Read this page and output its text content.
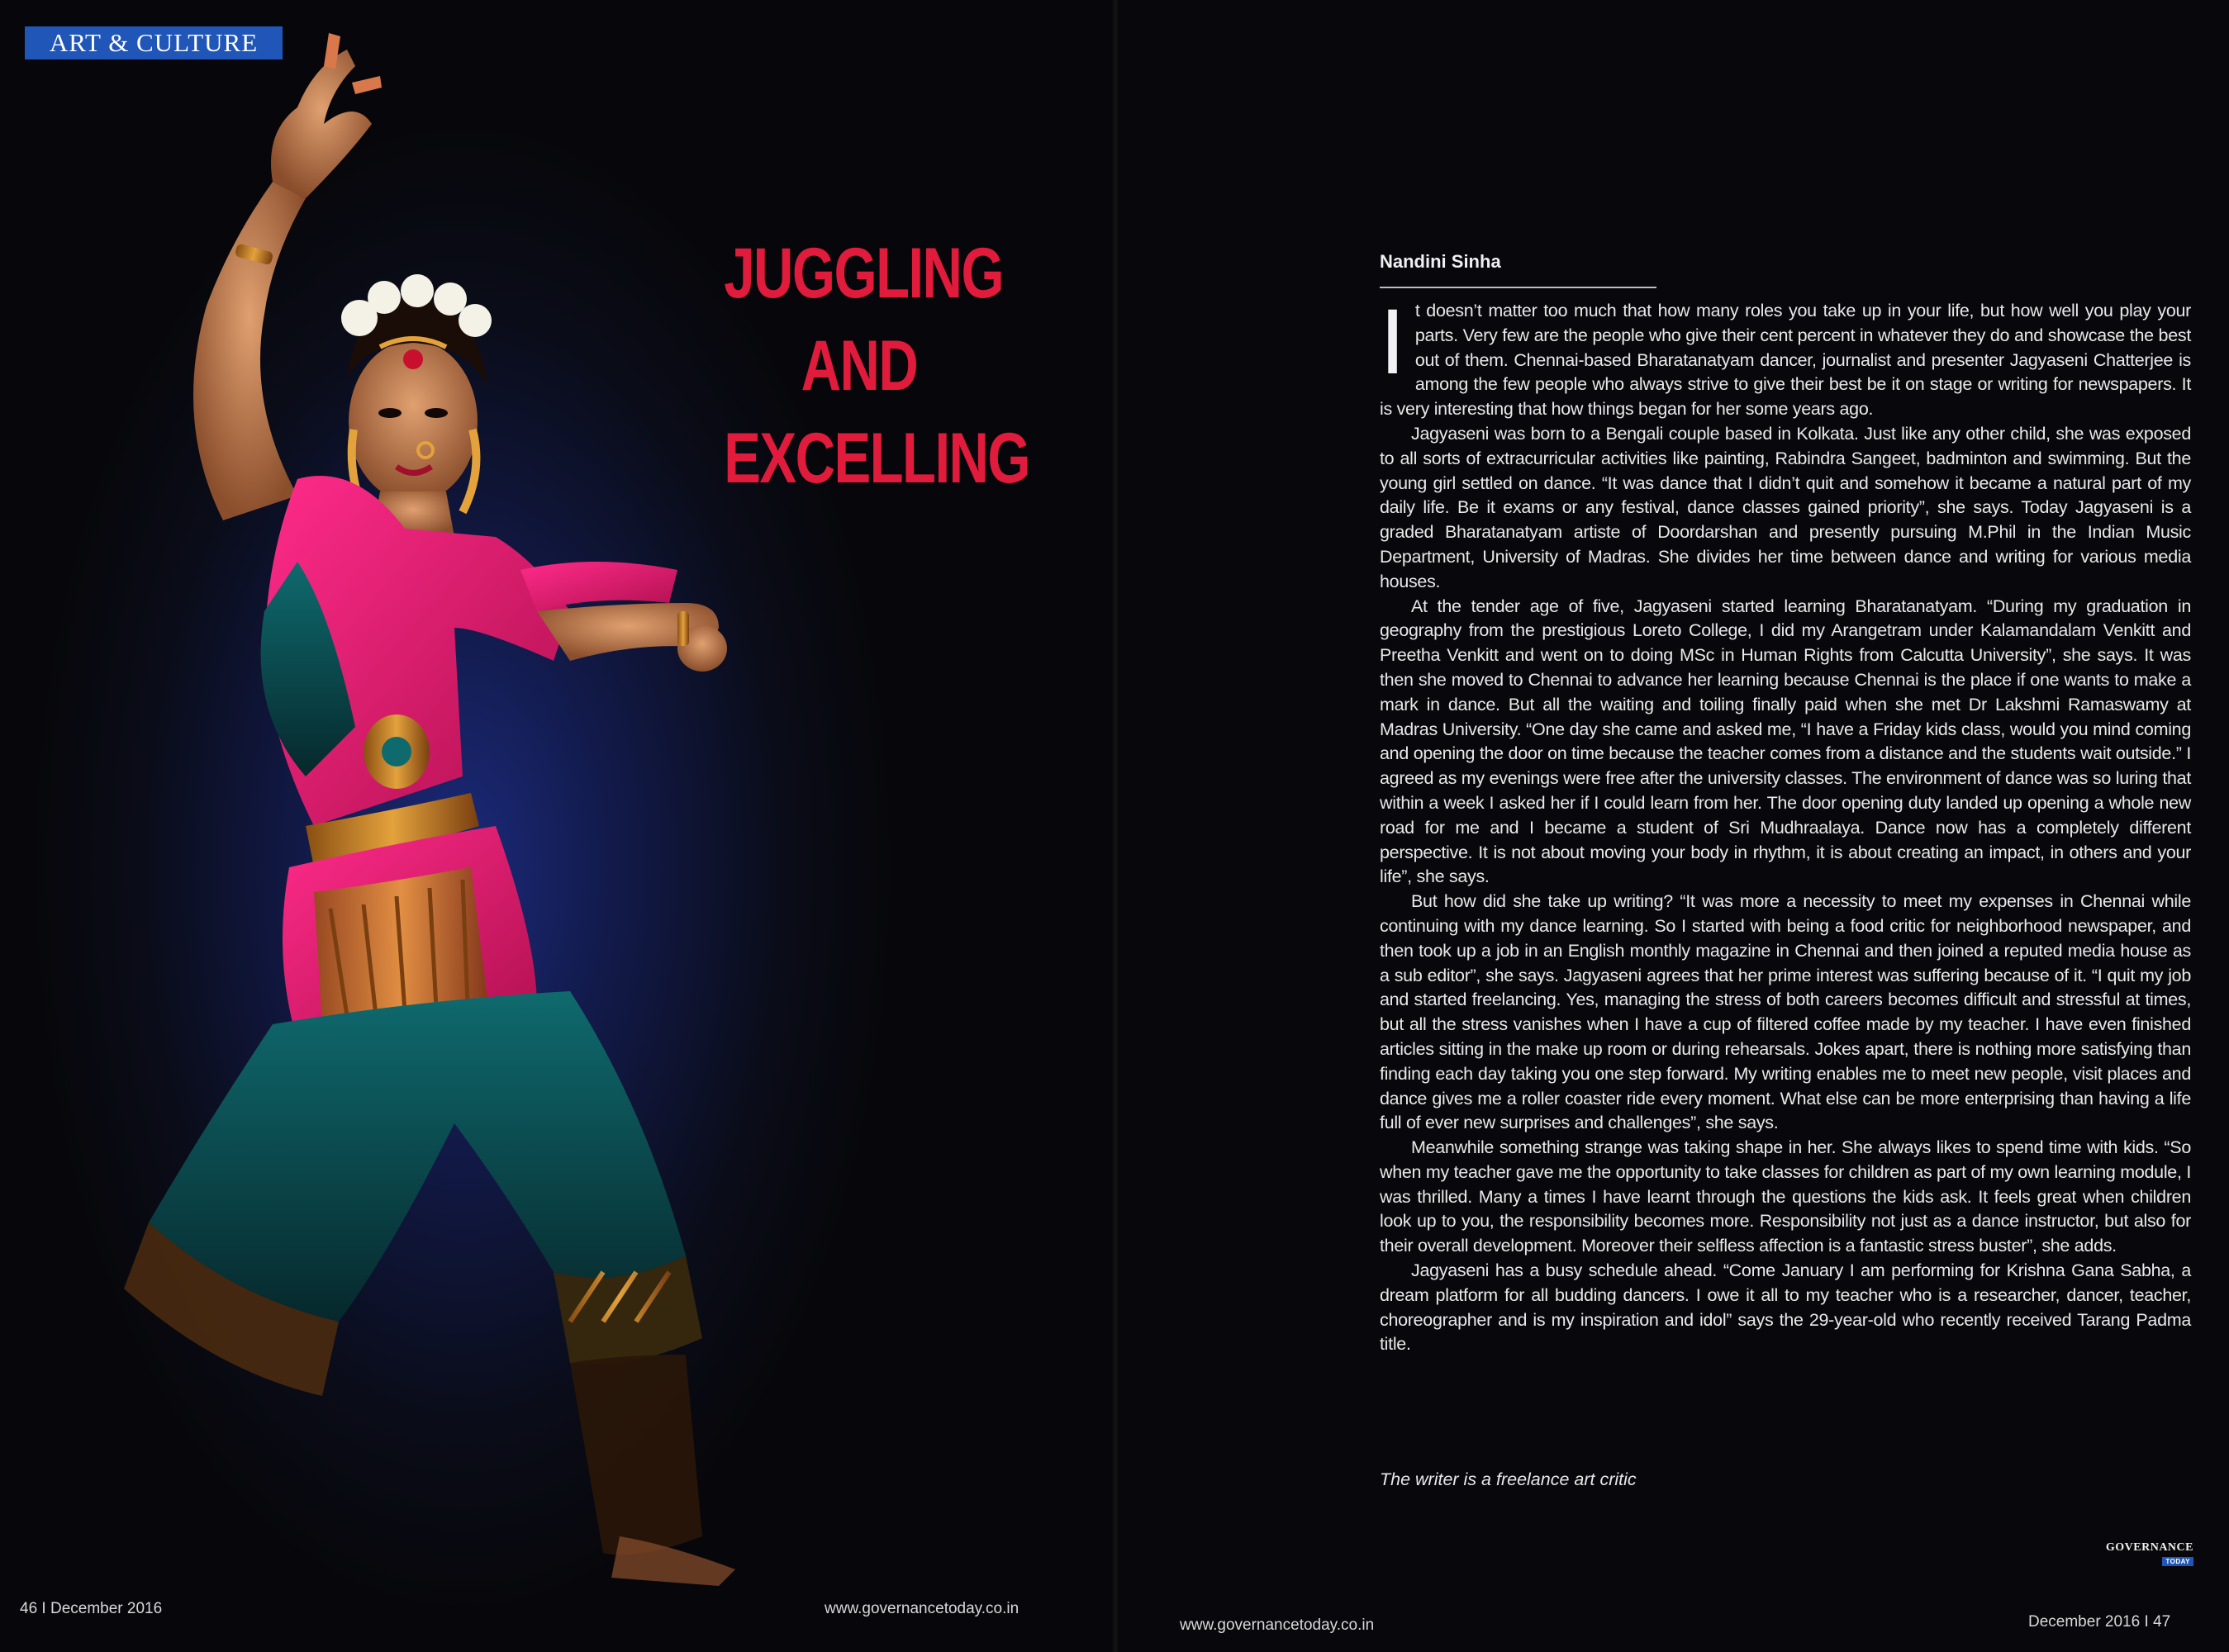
ART & CULTURE
JUGGLING
AND
EXCELLING
46 I December 2016	www.governancetoday.co.in
Nandini Sinha

It doesn’t matter too much that how many roles you take up in your life, but how well you play your parts. Very few are the people who give their cent percent in whatever they do and showcase the best out of them. Chennai-based Bharatanatyam dancer, journalist and presenter Jagyaseni Chatterjee is among the few people who always strive to give their best be it on stage or writing for newspapers. It is very interesting that how things began for her some years ago.

Jagyaseni was born to a Bengali couple based in Kolkata. Just like any other child, she was exposed to all sorts of extracurricular activities like painting, Rabindra Sangeet, badminton and swimming. But the young girl settled on dance. “It was dance that I didn’t quit and somehow it became a natural part of my daily life. Be it exams or any festival, dance classes gained priority”, she says. Today Jagyaseni is a graded Bharatanatyam artiste of Doordarshan and presently pursuing M.Phil in the Indian Music Department, University of Madras. She divides her time between dance and writing for various media houses.

At the tender age of five, Jagyaseni started learning Bharatanatyam. “During my graduation in geography from the prestigious Loreto College, I did my Arangetram under Kalamandalam Venkitt and Preetha Venkitt and went on to doing MSc in Human Rights from Calcutta University”, she says. It was then she moved to Chennai to advance her learning because Chennai is the place if one wants to make a mark in dance. But all the waiting and toiling finally paid when she met Dr Lakshmi Ramaswamy at Madras University. “One day she came and asked me, “I have a Friday kids class, would you mind coming and opening the door on time because the teacher comes from a distance and the students wait outside.” I agreed as my evenings were free after the university classes. The environment of dance was so luring that within a week I asked her if I could learn from her. The door opening duty landed up opening a whole new road for me and I became a student of Sri Mudhraalaya. Dance now has a completely different perspective. It is not about moving your body in rhythm, it is about creating an impact, in others and your life”, she says.

But how did she take up writing? “It was more a necessity to meet my expenses in Chennai while continuing with my dance learning. So I started with being a food critic for neighborhood newspaper, and then took up a job in an English monthly magazine in Chennai and then joined a reputed media house as a sub editor”, she says. Jagyaseni agrees that her prime interest was suffering because of it. “I quit my job and started freelancing. Yes, managing the stress of both careers becomes difficult and stressful at times, but all the stress vanishes when I have a cup of filtered coffee made by my teacher. I have even finished articles sitting in the make up room or during rehearsals. Jokes apart, there is nothing more satisfying than finding each day taking you one step forward. My writing enables me to meet new people, visit places and dance gives me a roller coaster ride every moment. What else can be more enterprising than having a life full of ever new surprises and challenges”, she says.

Meanwhile something strange was taking shape in her. She always likes to spend time with kids. “So when my teacher gave me the opportunity to take classes for children as part of my own learning module, I was thrilled. Many a times I have learnt through the questions the kids ask. It feels great when children look up to you, the responsibility becomes more. Responsibility not just as a dance instructor, but also for their overall development. Moreover their selfless affection is a fantastic stress buster”, she adds.

Jagyaseni has a busy schedule ahead. “Come January I am performing for Krishna Gana Sabha, a dream platform for all budding dancers. I owe it all to my teacher who is a researcher, dancer, teacher, choreographer and is my inspiration and idol” says the 29-year-old who recently received Tarang Padma title.

The writer is a freelance art critic
GOVERNANCE
TODAY
www.governancetoday.co.in	December 2016 I 47
